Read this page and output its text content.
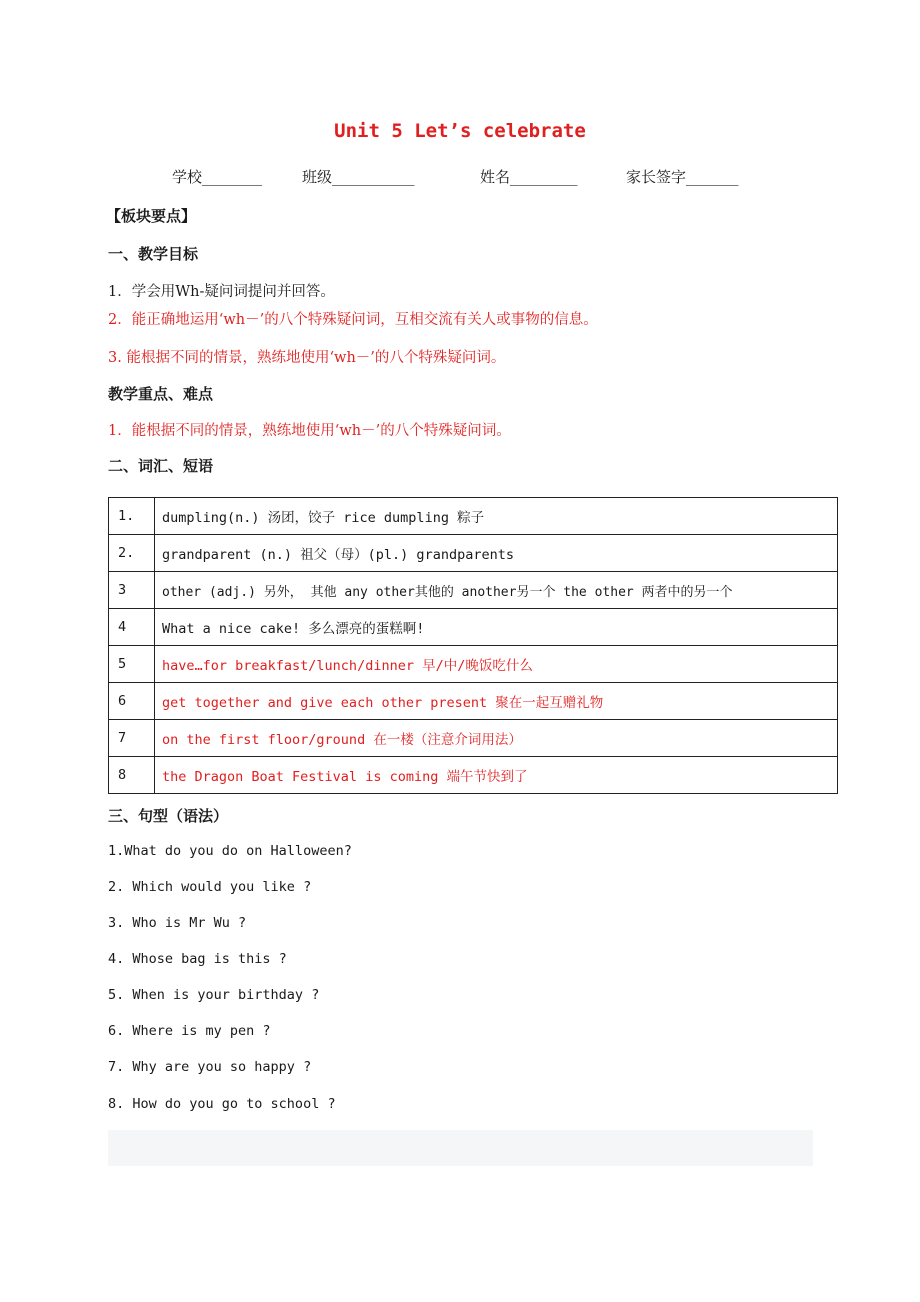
Unit 5 Let’s celebrate
学校________	班级___________	姓名_________	家长签字_______
【板块要点】
一、教学目标
1．学会用Wh-疑问词提问并回答。
2．能正确地运用‘wh－’的八个特殊疑问词，互相交流有关人或事物的信息。
3. 能根据不同的情景，熟练地使用‘wh－’的八个特殊疑问词。
教学重点、难点
1．能根据不同的情景，熟练地使用‘wh－’的八个特殊疑问词。
二、词汇、短语
1.	dumpling(n.) 汤团，饺子 rice dumpling 粽子
2.	grandparent (n.) 祖父（母）(pl.) grandparents
3	other (adj.) 另外， 其他 any other其他的 another另一个 the other 两者中的另一个
4	What a nice cake! 多么漂亮的蛋糕啊!
5	have…for breakfast/lunch/dinner 早/中/晚饭吃什么
6	get together and give each other present 聚在一起互赠礼物
7	on the first floor/ground 在一楼（注意介词用法）
8	the Dragon Boat Festival is coming 端午节快到了
三、句型（语法）
1.What do you do on Halloween?
2. Which would you like ?
3. Who is Mr Wu ?
4. Whose bag is this ?
5. When is your birthday ?
6. Where is my pen ?
7. Why are you so happy ?
8. How do you go to school ?
